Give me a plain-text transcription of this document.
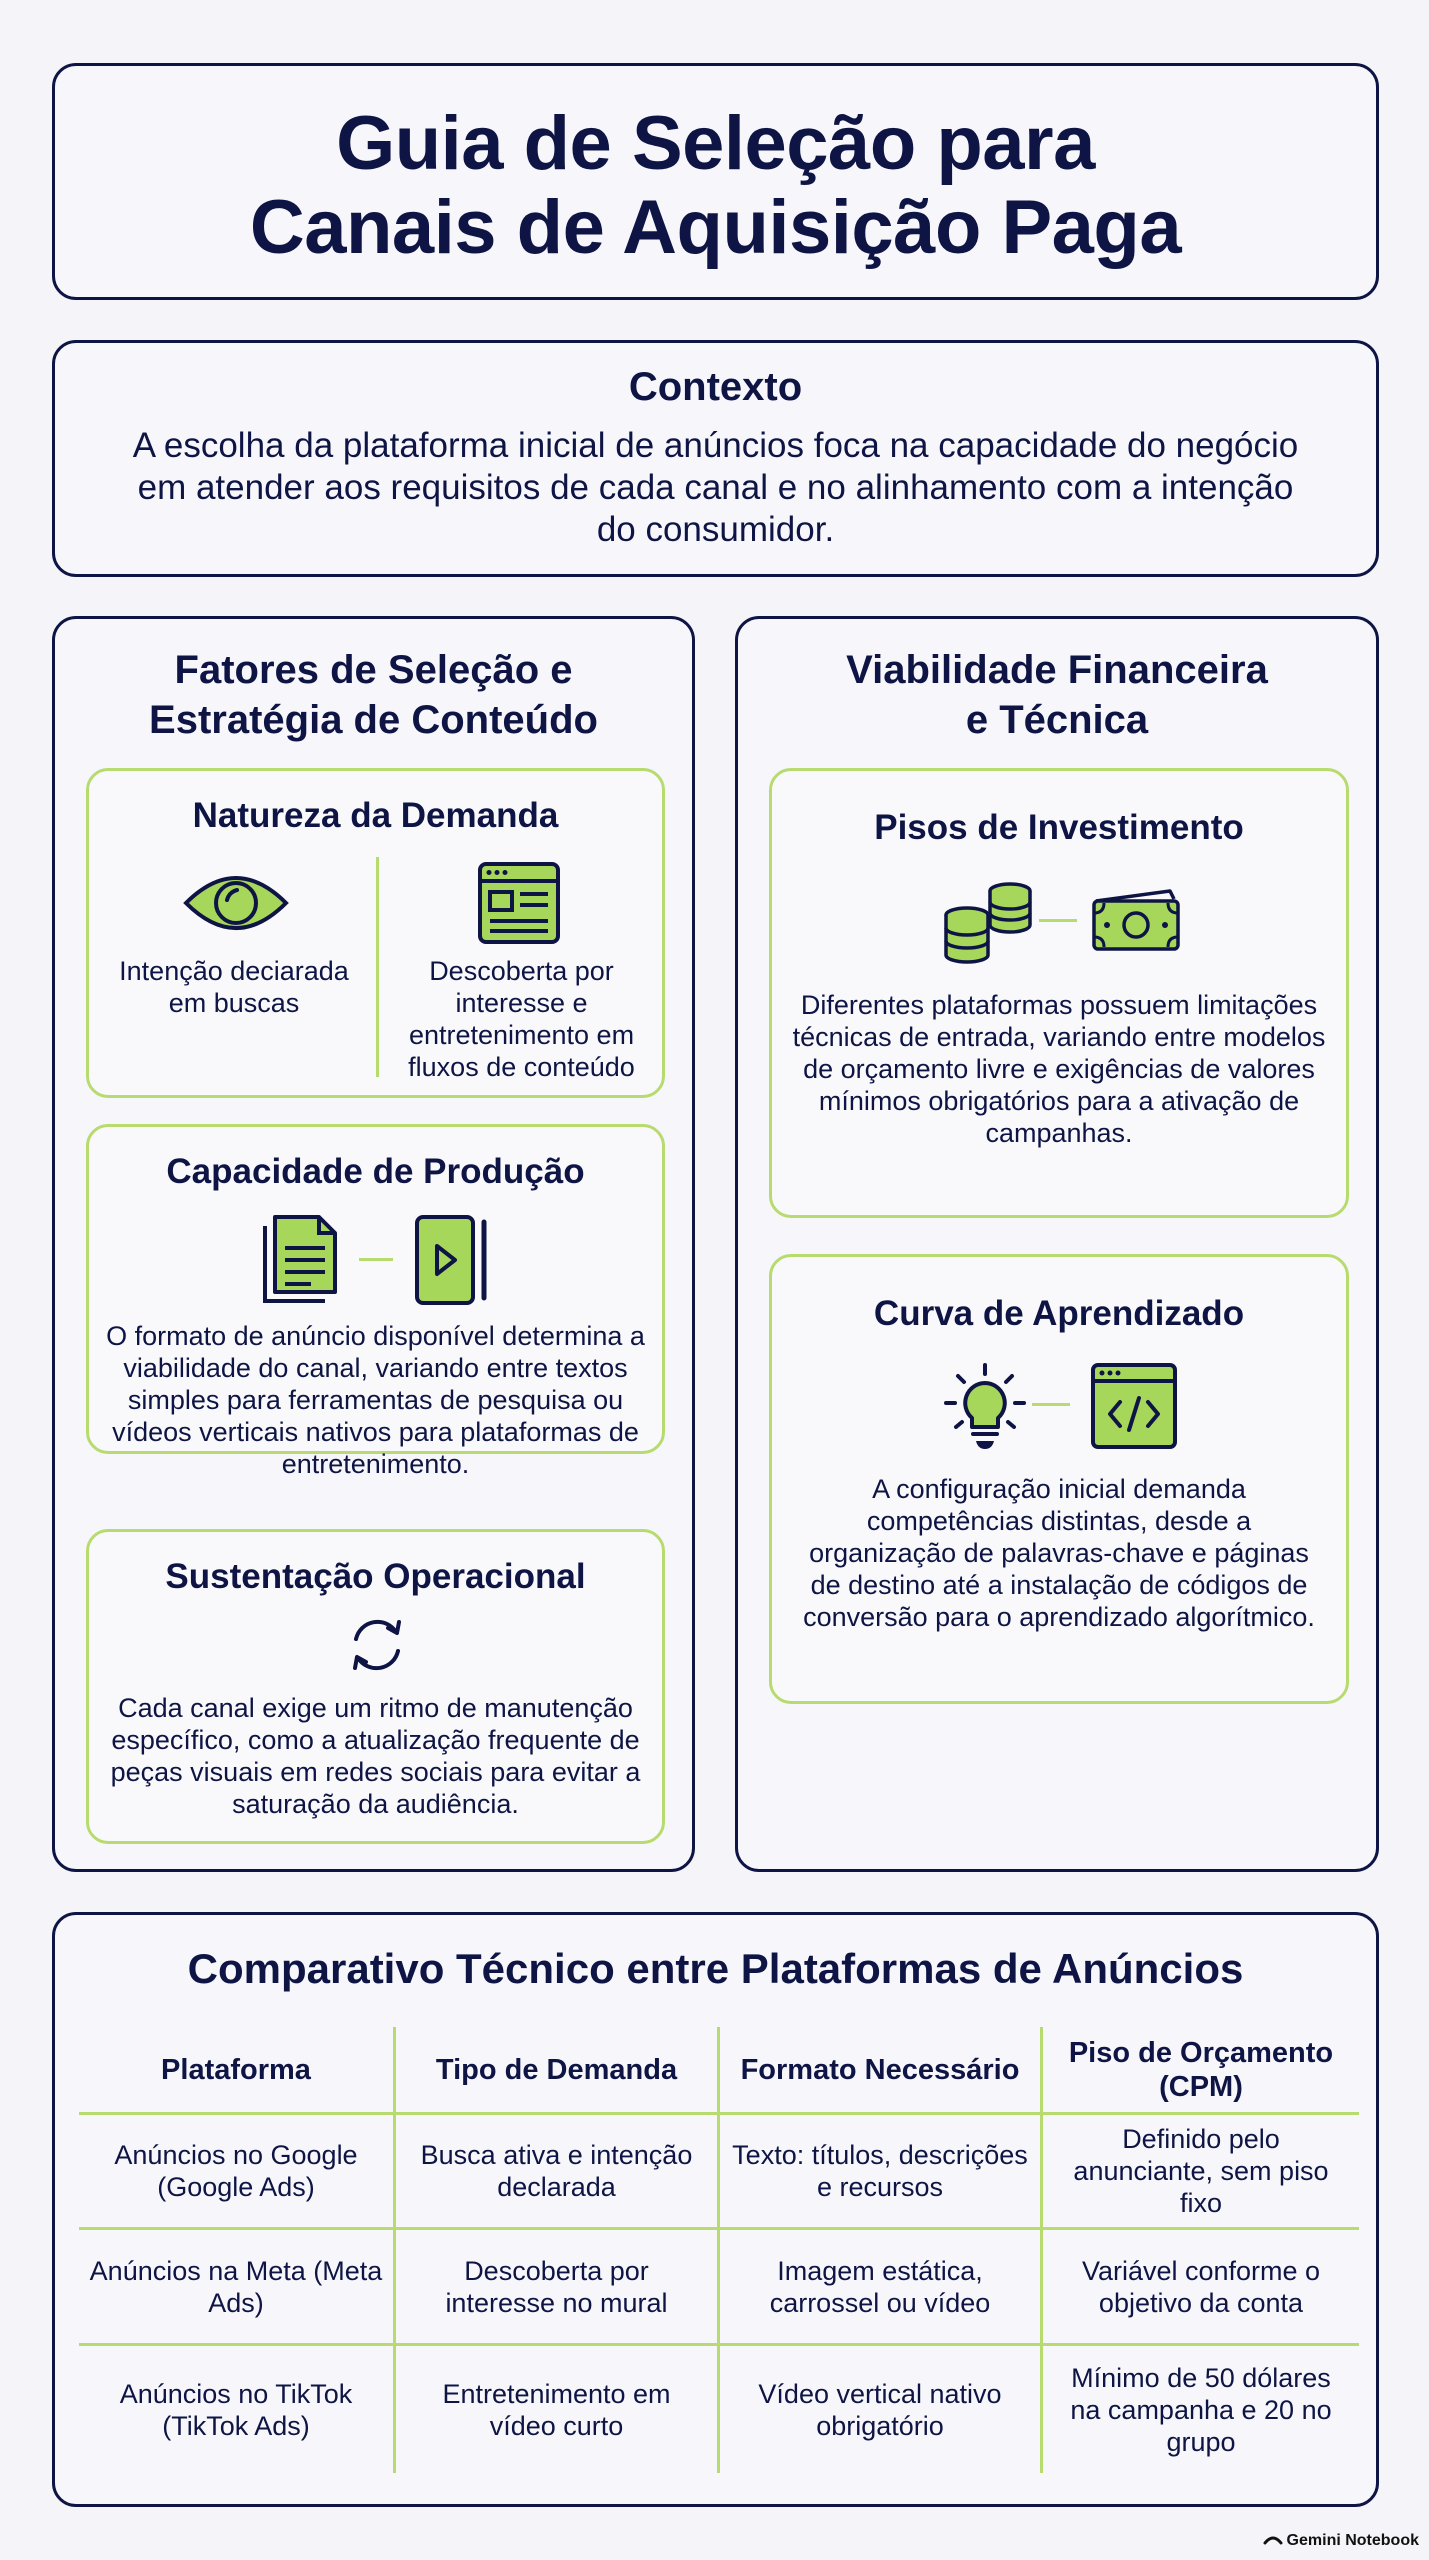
Guia de Seleção para
Canais de Aquisição Paga
Contexto
A escolha da plataforma inicial de anúncios foca na capacidade do negócio em atender aos requisitos de cada canal e no alinhamento com a intenção do consumidor.
Fatores de Seleção e
Estratégia de Conteúdo
Natureza da Demanda
Intenção deciarada em buscas
Descoberta por interesse e entretenimento em fluxos de conteúdo
Capacidade de Produção
O formato de anúncio disponível determina a viabilidade do canal, variando entre textos simples para ferramentas de pesquisa ou vídeos verticais nativos para plataformas de entretenimento.
Sustentação Operacional
Cada canal exige um ritmo de manutenção específico, como a atualização frequente de peças visuais em redes sociais para evitar a saturação da audiência.
Viabilidade Financeira
e Técnica
Pisos de Investimento
Diferentes plataformas possuem limitações técnicas de entrada, variando entre modelos de orçamento livre e exigências de valores mínimos obrigatórios para a ativação de campanhas.
Curva de Aprendizado
A configuração inicial demanda competências distintas, desde a organização de palavras-chave e páginas de destino até a instalação de códigos de conversão para o aprendizado algorítmico.
Comparativo Técnico entre Plataformas de Anúncios
Plataforma	Tipo de Demanda	Formato Necessário
Piso de Orçamento (CPM)
Anúncios no Google (Google Ads)
Busca ativa e intenção declarada
Texto: títulos, descrições e recursos
Definido pelo anunciante, sem piso fixo
Anúncios na Meta (Meta Ads)
Descoberta por interesse no mural
Imagem estática, carrossel ou vídeo
Variável conforme o objetivo da conta
Anúncios no TikTok (TikTok Ads)
Entretenimento em vídeo curto
Vídeo vertical nativo obrigatório
Mínimo de 50 dólares na campanha e 20 no grupo
Gemini Notebook
